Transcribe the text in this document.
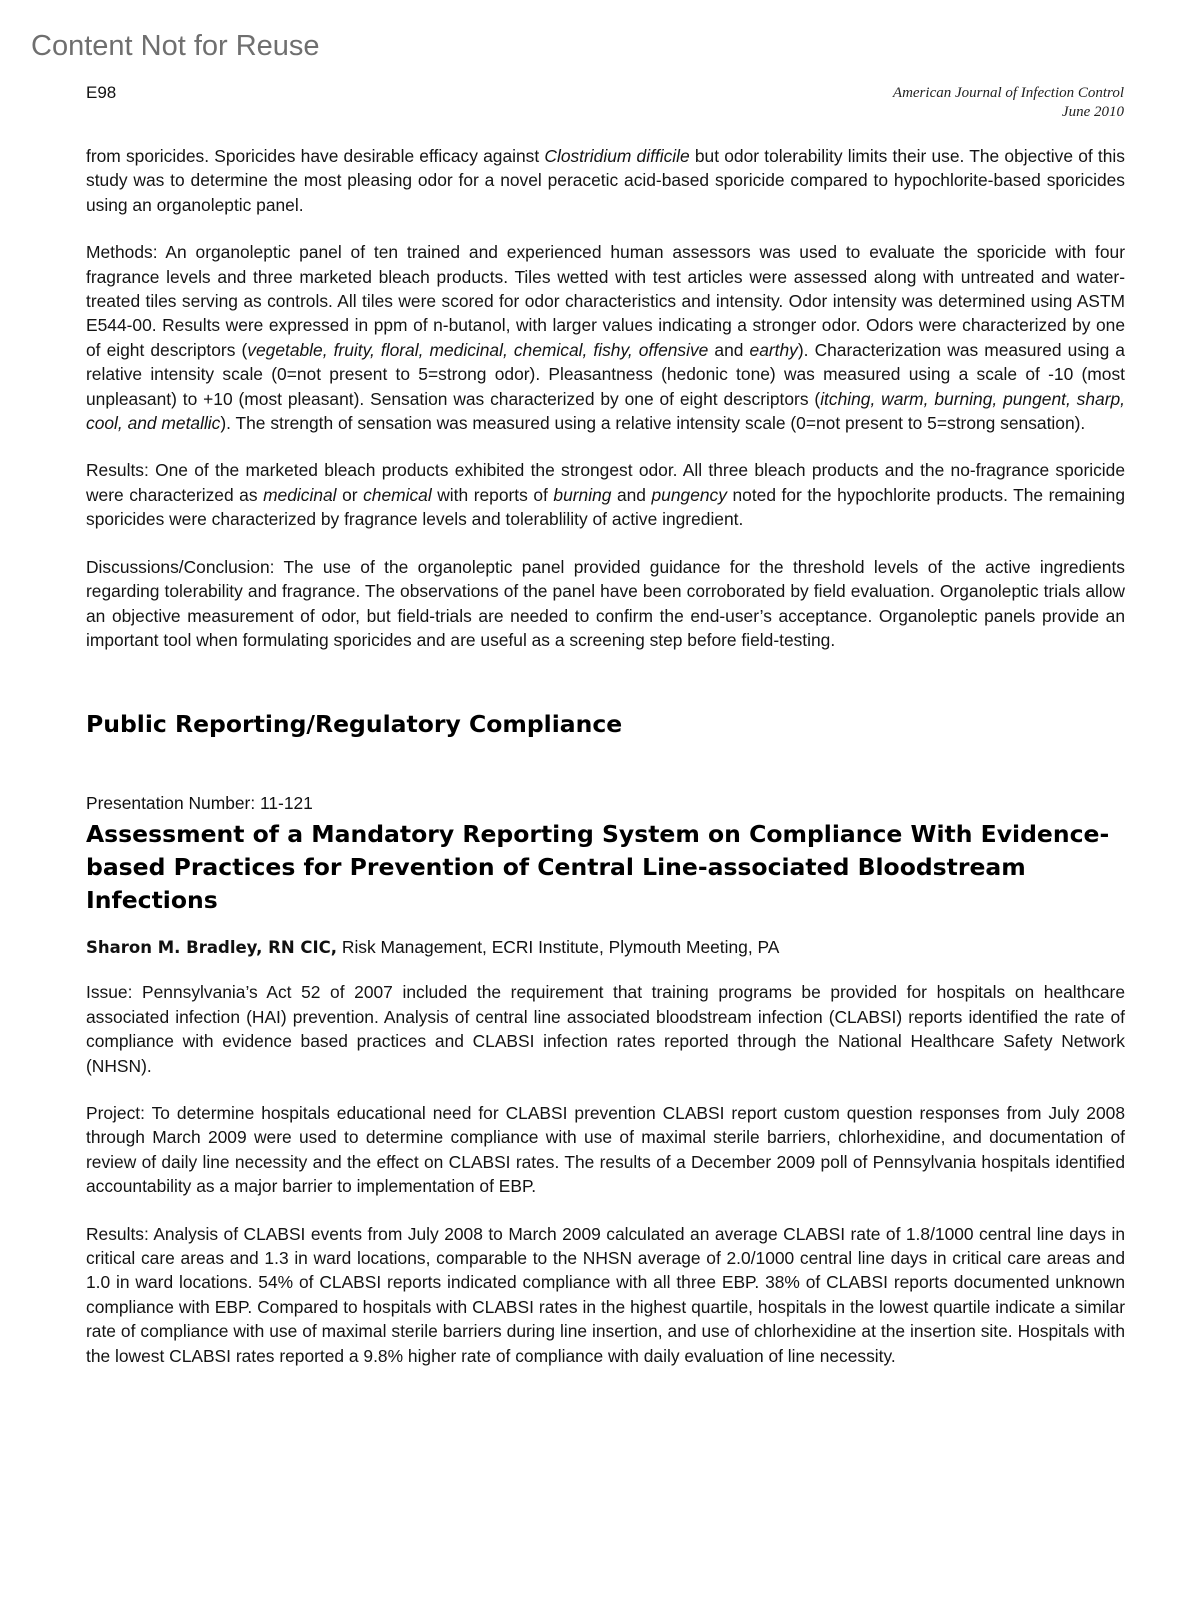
Content Not for Reuse
E98	American Journal of Infection Control
June 2010

from sporicides. Sporicides have desirable efficacy against Clostridium difficile but odor tolerability limits their use. The objective of this study was to determine the most pleasing odor for a novel peracetic acid-based sporicide compared to hypochlorite-based sporicides using an organoleptic panel.

Methods: An organoleptic panel of ten trained and experienced human assessors was used to evaluate the sporicide with four fragrance levels and three marketed bleach products. Tiles wetted with test articles were assessed along with untreated and water-treated tiles serving as controls. All tiles were scored for odor characteristics and intensity. Odor intensity was determined using ASTM E544-00. Results were expressed in ppm of n-butanol, with larger values indicating a stronger odor. Odors were characterized by one of eight descriptors (vegetable, fruity, floral, medicinal, chemical, fishy, offensive and earthy). Characterization was measured using a relative intensity scale (0=not present to 5=strong odor). Pleasantness (hedonic tone) was measured using a scale of -10 (most unpleasant) to +10 (most pleasant). Sensation was characterized by one of eight descriptors (itching, warm, burning, pungent, sharp, cool, and metallic). The strength of sensation was measured using a relative intensity scale (0=not present to 5=strong sensation).

Results: One of the marketed bleach products exhibited the strongest odor. All three bleach products and the no-fragrance sporicide were characterized as medicinal or chemical with reports of burning and pungency noted for the hypochlorite products. The remaining sporicides were characterized by fragrance levels and tolerablility of active ingredient.

Discussions/Conclusion: The use of the organoleptic panel provided guidance for the threshold levels of the active ingredients regarding tolerability and fragrance. The observations of the panel have been corroborated by field evaluation. Organoleptic trials allow an objective measurement of odor, but field-trials are needed to confirm the end-user’s acceptance. Organoleptic panels provide an important tool when formulating sporicides and are useful as a screening step before field-testing.

Public Reporting/Regulatory Compliance
Presentation Number: 11-121
Assessment of a Mandatory Reporting System on Compliance With Evidence-based Practices for Prevention of Central Line-associated Bloodstream Infections
Sharon M. Bradley, RN CIC, Risk Management, ECRI Institute, Plymouth Meeting, PA

Issue: Pennsylvania’s Act 52 of 2007 included the requirement that training programs be provided for hospitals on healthcare associated infection (HAI) prevention. Analysis of central line associated bloodstream infection (CLABSI) reports identified the rate of compliance with evidence based practices and CLABSI infection rates reported through the National Healthcare Safety Network (NHSN).

Project: To determine hospitals educational need for CLABSI prevention CLABSI report custom question responses from July 2008 through March 2009 were used to determine compliance with use of maximal sterile barriers, chlorhexidine, and documentation of review of daily line necessity and the effect on CLABSI rates. The results of a December 2009 poll of Pennsylvania hospitals identified accountability as a major barrier to implementation of EBP.

Results: Analysis of CLABSI events from July 2008 to March 2009 calculated an average CLABSI rate of 1.8/1000 central line days in critical care areas and 1.3 in ward locations, comparable to the NHSN average of 2.0/1000 central line days in critical care areas and 1.0 in ward locations. 54% of CLABSI reports indicated compliance with all three EBP. 38% of CLABSI reports documented unknown compliance with EBP. Compared to hospitals with CLABSI rates in the highest quartile, hospitals in the lowest quartile indicate a similar rate of compliance with use of maximal sterile barriers during line insertion, and use of chlorhexidine at the insertion site. Hospitals with the lowest CLABSI rates reported a 9.8% higher rate of compliance with daily evaluation of line necessity.
